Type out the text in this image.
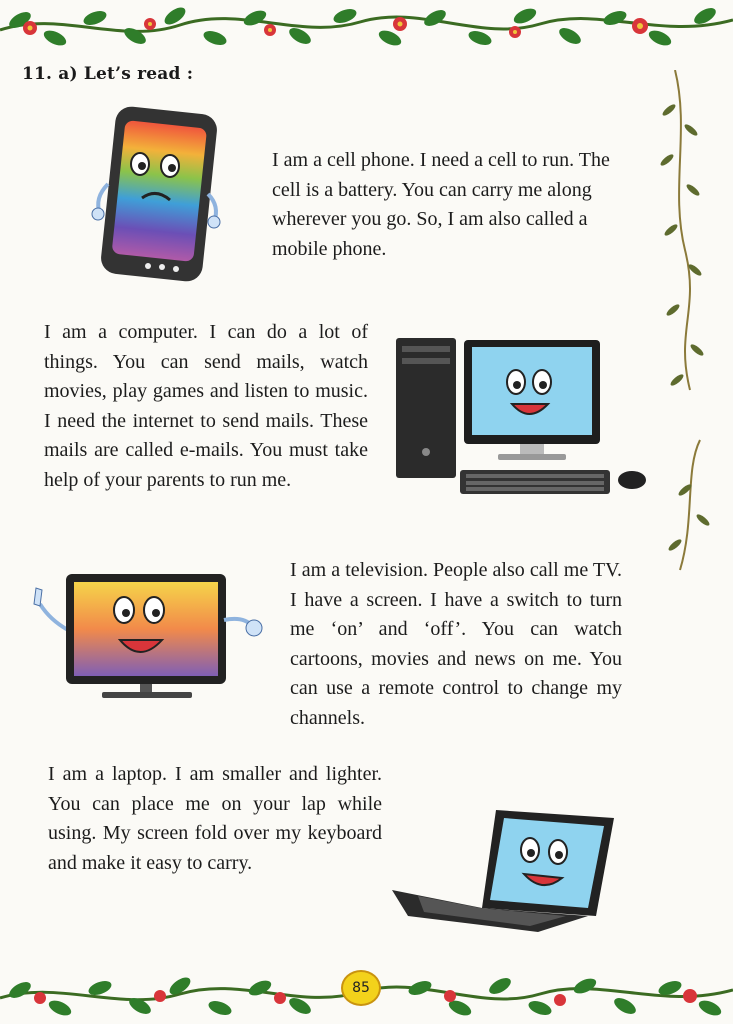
11. a) Let’s read :
I am a cell phone. I need a cell to run. The cell is a battery. You can carry me along wherever you go. So, I am also called a mobile phone.
I am a computer. I can do a lot of things. You can send mails, watch movies, play games and listen to music. I need the internet to send mails. These mails are called e-mails. You must take help of your parents to run me.
I am a television. People also call me TV. I have a screen. I have a switch to turn me ‘on’ and ‘off’. You can watch cartoons, movies and news on me. You can use a remote control to change my channels.
I am a laptop. I am smaller and lighter. You can place me on your lap while using. My screen fold over my keyboard and make it easy to carry.
85
